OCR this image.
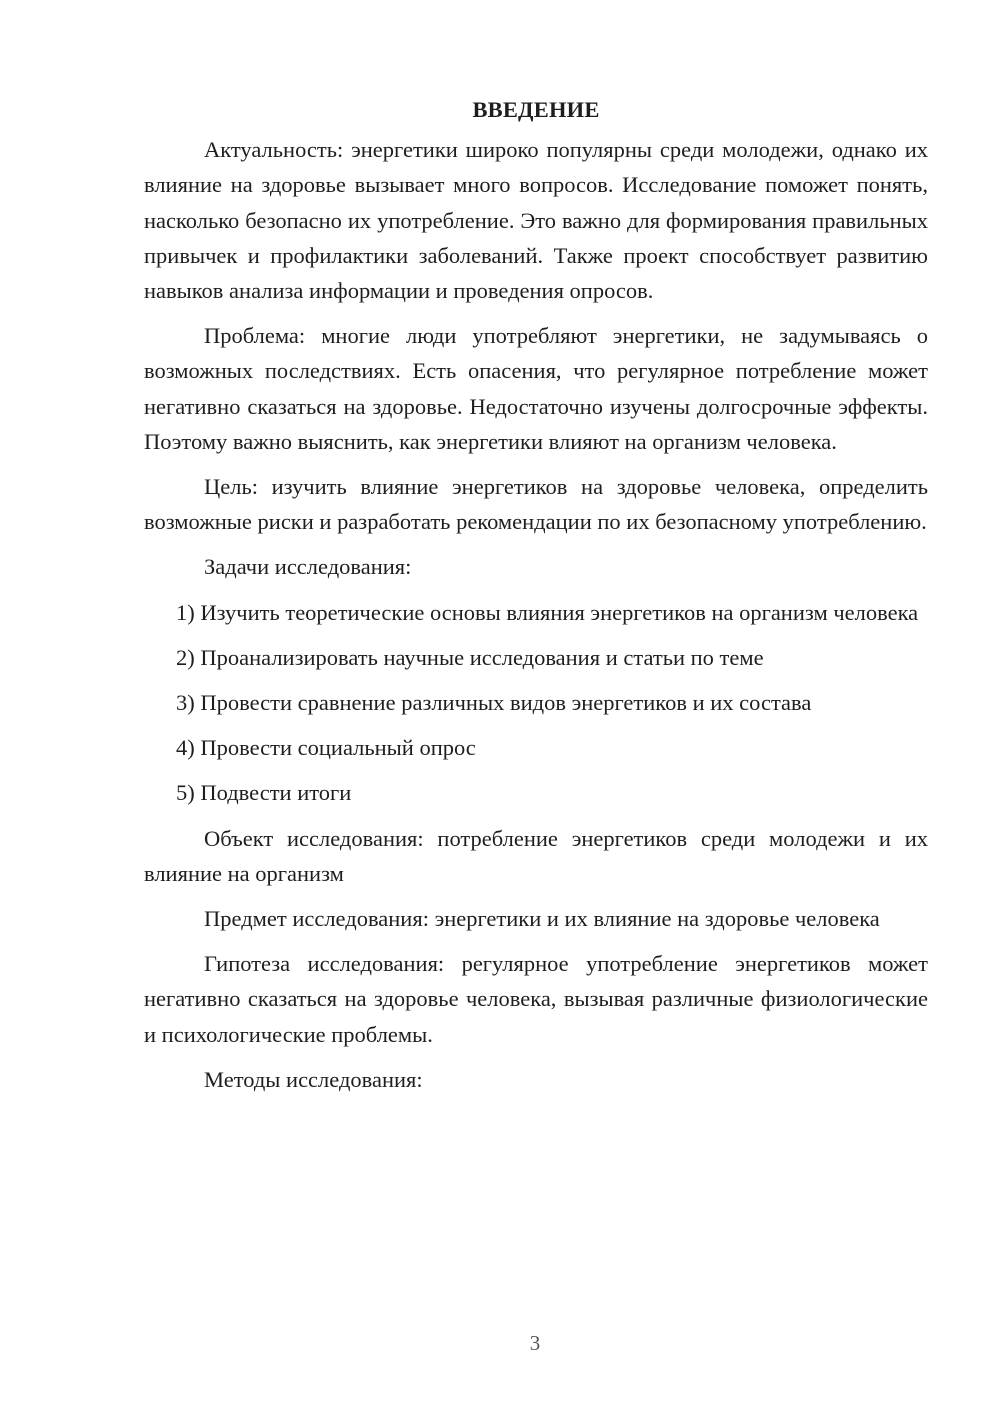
ВВЕДЕНИЕ

Актуальность: энергетики широко популярны среди молодежи, однако их влияние на здоровье вызывает много вопросов. Исследование поможет понять, насколько безопасно их употребление. Это важно для формирования правильных привычек и профилактики заболеваний. Также проект способствует развитию навыков анализа информации и проведения опросов.

Проблема: многие люди употребляют энергетики, не задумываясь о возможных последствиях. Есть опасения, что регулярное потребление может негативно сказаться на здоровье. Недостаточно изучены долгосрочные эффекты. Поэтому важно выяснить, как энергетики влияют на организм человека.

Цель: изучить влияние энергетиков на здоровье человека, определить возможные риски и разработать рекомендации по их безопасному употреблению.

Задачи исследования:

1) Изучить теоретические основы влияния энергетиков на организм человека

2) Проанализировать научные исследования и статьи по теме

3) Провести сравнение различных видов энергетиков и их состава

4) Провести социальный опрос

5) Подвести итоги

Объект исследования: потребление энергетиков среди молодежи и их влияние на организм

Предмет исследования: энергетики и их влияние на здоровье человека

Гипотеза исследования: регулярное употребление энергетиков может негативно сказаться на здоровье человека, вызывая различные физиологические и психологические проблемы.

Методы исследования:

3
